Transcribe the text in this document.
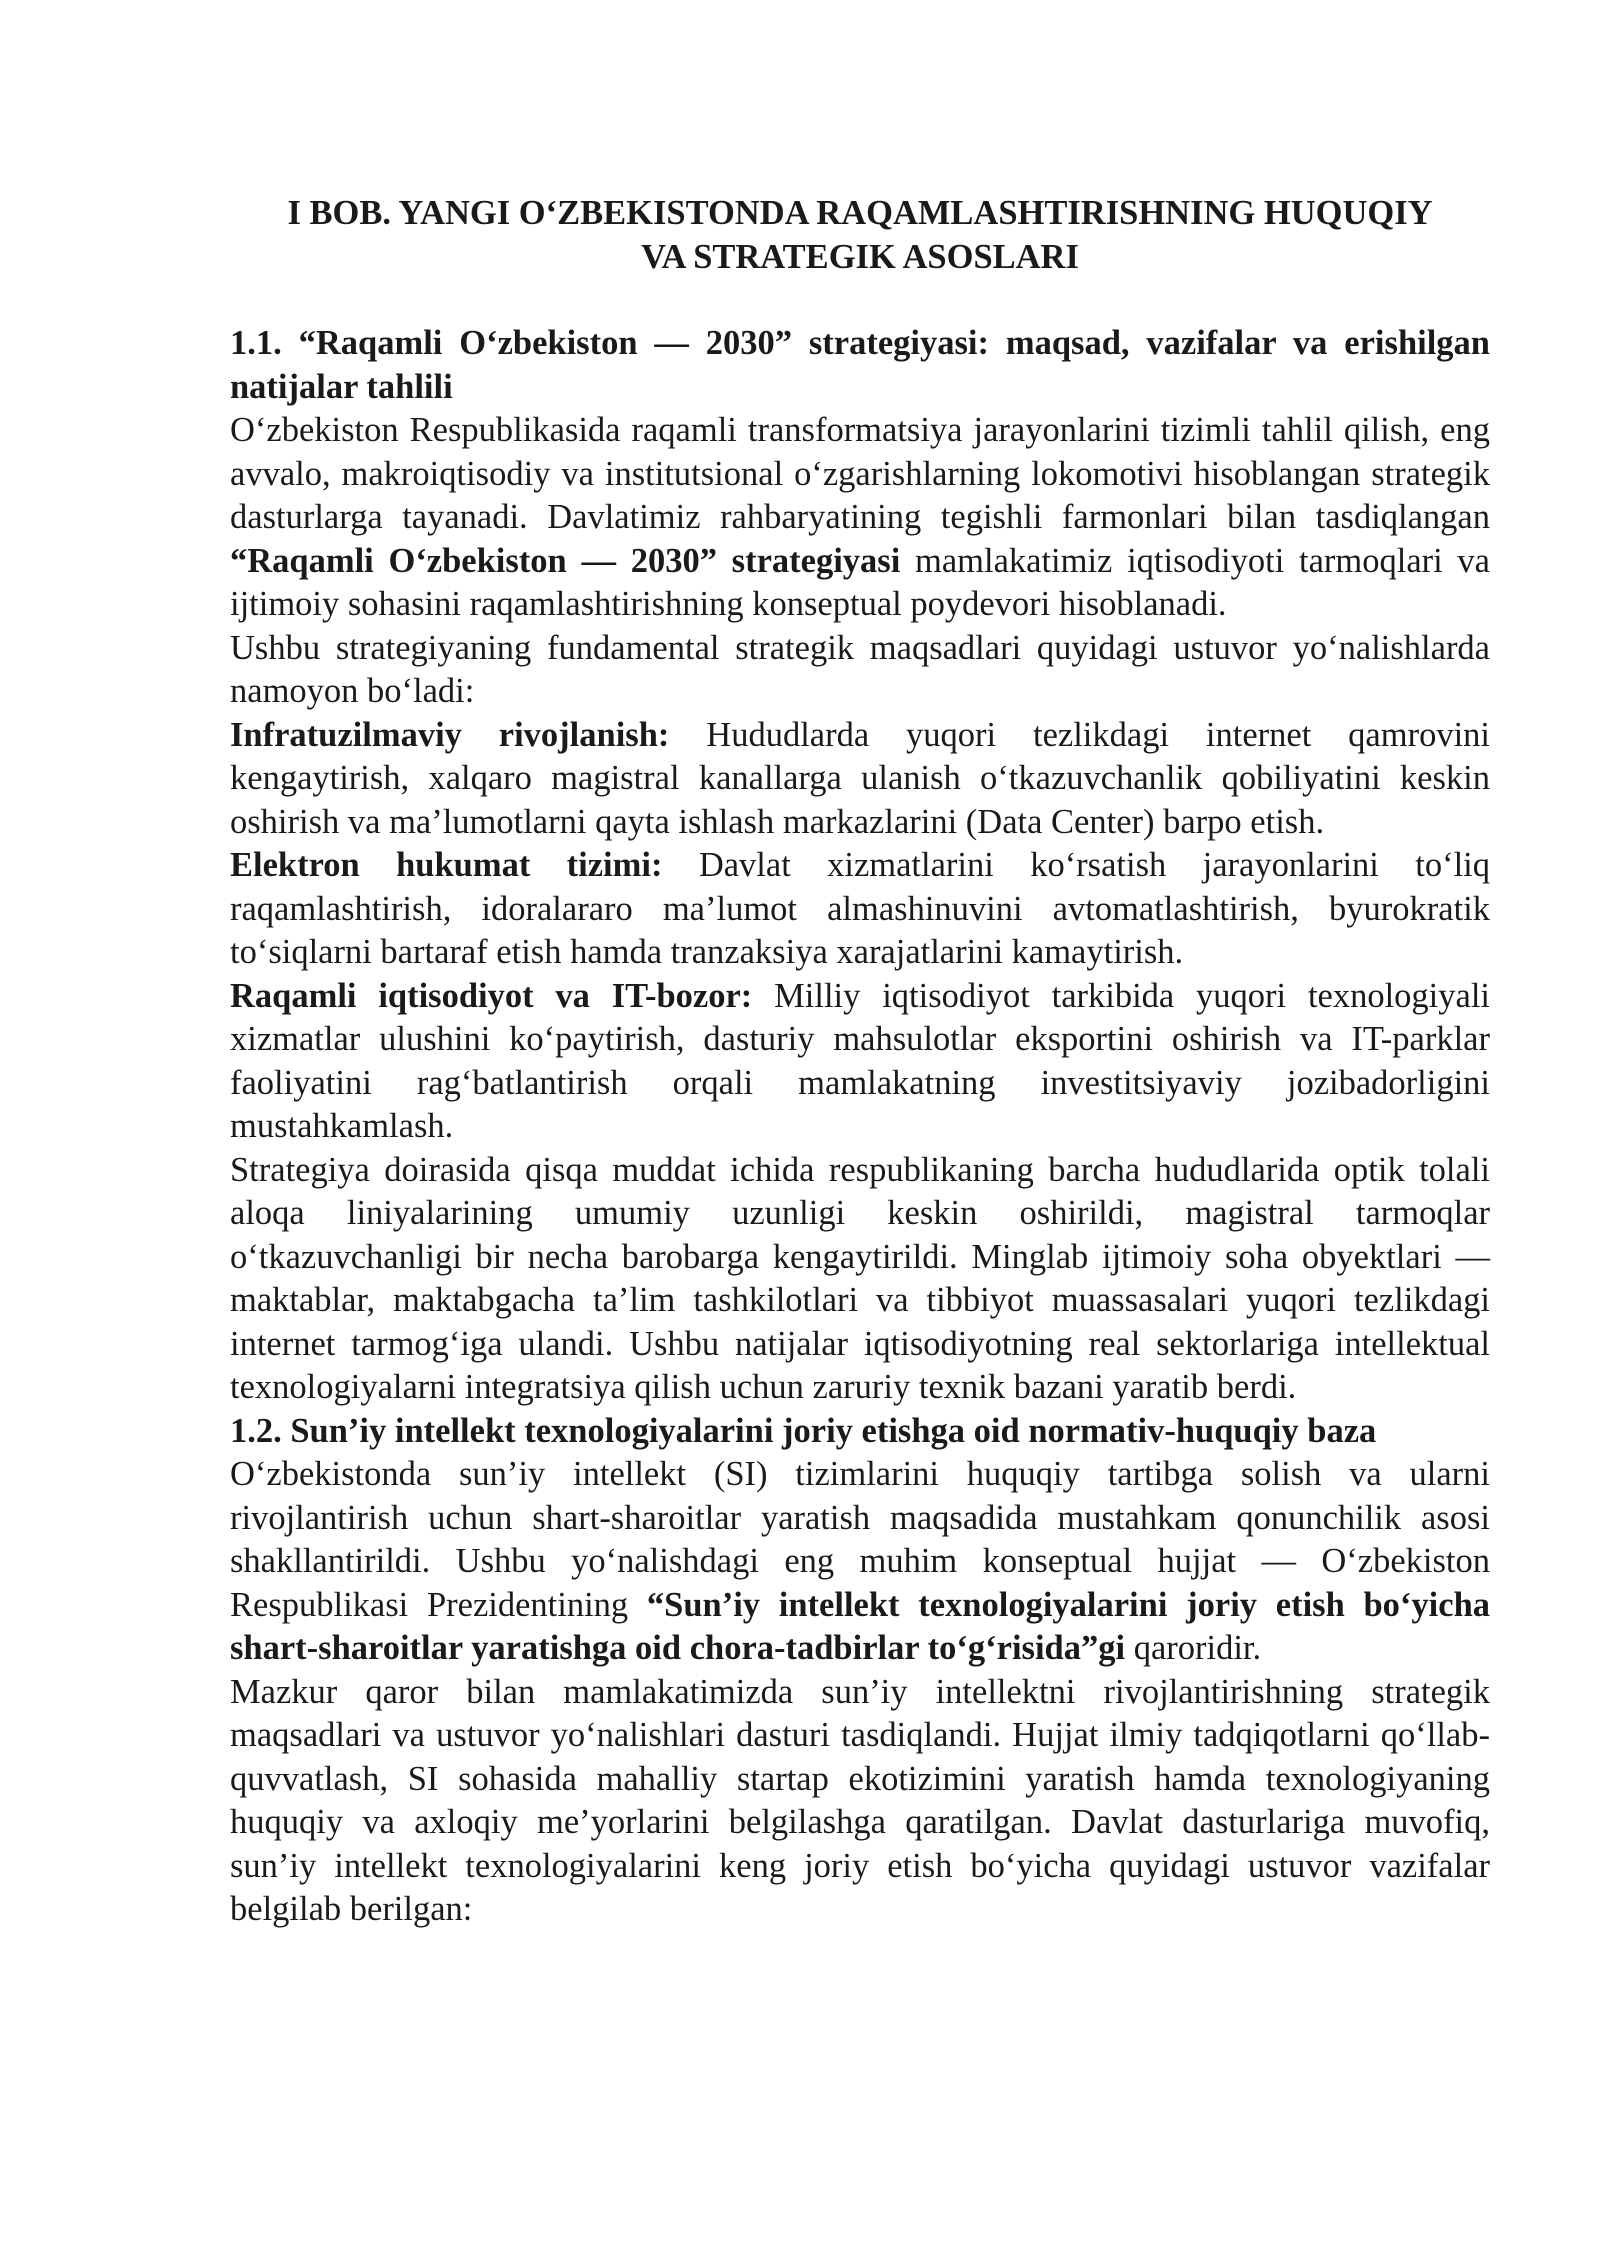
I BOB. YANGI O‘ZBEKISTONDA RAQAMLASHTIRISHNING HUQUQIY
VA STRATEGIK ASOSLARI
1.1. “Raqamli O‘zbekiston — 2030” strategiyasi: maqsad, vazifalar va erishilgan natijalar tahlili

O‘zbekiston Respublikasida raqamli transformatsiya jarayonlarini tizimli tahlil qilish, eng avvalo, makroiqtisodiy va institutsional o‘zgarishlarning lokomotivi hisoblangan strategik dasturlarga tayanadi. Davlatimiz rahbaryatining tegishli farmonlari bilan tasdiqlangan “Raqamli O‘zbekiston — 2030” strategiyasi mamlakatimiz iqtisodiyoti tarmoqlari va ijtimoiy sohasini raqamlashtirishning konseptual poydevori hisoblanadi.

Ushbu strategiyaning fundamental strategik maqsadlari quyidagi ustuvor yo‘nalishlarda namoyon bo‘ladi:

Infratuzilmaviy rivojlanish: Hududlarda yuqori tezlikdagi internet qamrovini kengaytirish, xalqaro magistral kanallarga ulanish o‘tkazuvchanlik qobiliyatini keskin oshirish va ma’lumotlarni qayta ishlash markazlarini (Data Center) barpo etish.

Elektron hukumat tizimi: Davlat xizmatlarini ko‘rsatish jarayonlarini to‘liq raqamlashtirish, idoralararo ma’lumot almashinuvini avtomatlashtirish, byurokratik to‘siqlarni bartaraf etish hamda tranzaksiya xarajatlarini kamaytirish.

Raqamli iqtisodiyot va IT-bozor: Milliy iqtisodiyot tarkibida yuqori texnologiyali xizmatlar ulushini ko‘paytirish, dasturiy mahsulotlar eksportini oshirish va IT-parklar faoliyatini rag‘batlantirish orqali mamlakatning investitsiyaviy jozibadorligini mustahkamlash.

Strategiya doirasida qisqa muddat ichida respublikaning barcha hududlarida optik tolali aloqa liniyalarining umumiy uzunligi keskin oshirildi, magistral tarmoqlar o‘tkazuvchanligi bir necha barobarga kengaytirildi. Minglab ijtimoiy soha obyektlari — maktablar, maktabgacha ta’lim tashkilotlari va tibbiyot muassasalari yuqori tezlikdagi internet tarmog‘iga ulandi. Ushbu natijalar iqtisodiyotning real sektorlariga intellektual texnologiyalarni integratsiya qilish uchun zaruriy texnik bazani yaratib berdi.

1.2. Sun’iy intellekt texnologiyalarini joriy etishga oid normativ-huquqiy baza

O‘zbekistonda sun’iy intellekt (SI) tizimlarini huquqiy tartibga solish va ularni rivojlantirish uchun shart-sharoitlar yaratish maqsadida mustahkam qonunchilik asosi shakllantirildi. Ushbu yo‘nalishdagi eng muhim konseptual hujjat — O‘zbekiston Respublikasi Prezidentining “Sun’iy intellekt texnologiyalarini joriy etish bo‘yicha shart-sharoitlar yaratishga oid chora-tadbirlar to‘g‘risida”gi qaroridir.

Mazkur qaror bilan mamlakatimizda sun’iy intellektni rivojlantirishning strategik maqsadlari va ustuvor yo‘nalishlari dasturi tasdiqlandi. Hujjat ilmiy tadqiqotlarni qo‘llab-quvvatlash, SI sohasida mahalliy startap ekotizimini yaratish hamda texnologiyaning huquqiy va axloqiy me’yorlarini belgilashga qaratilgan. Davlat dasturlariga muvofiq, sun’iy intellekt texnologiyalarini keng joriy etish bo‘yicha quyidagi ustuvor vazifalar belgilab berilgan:
